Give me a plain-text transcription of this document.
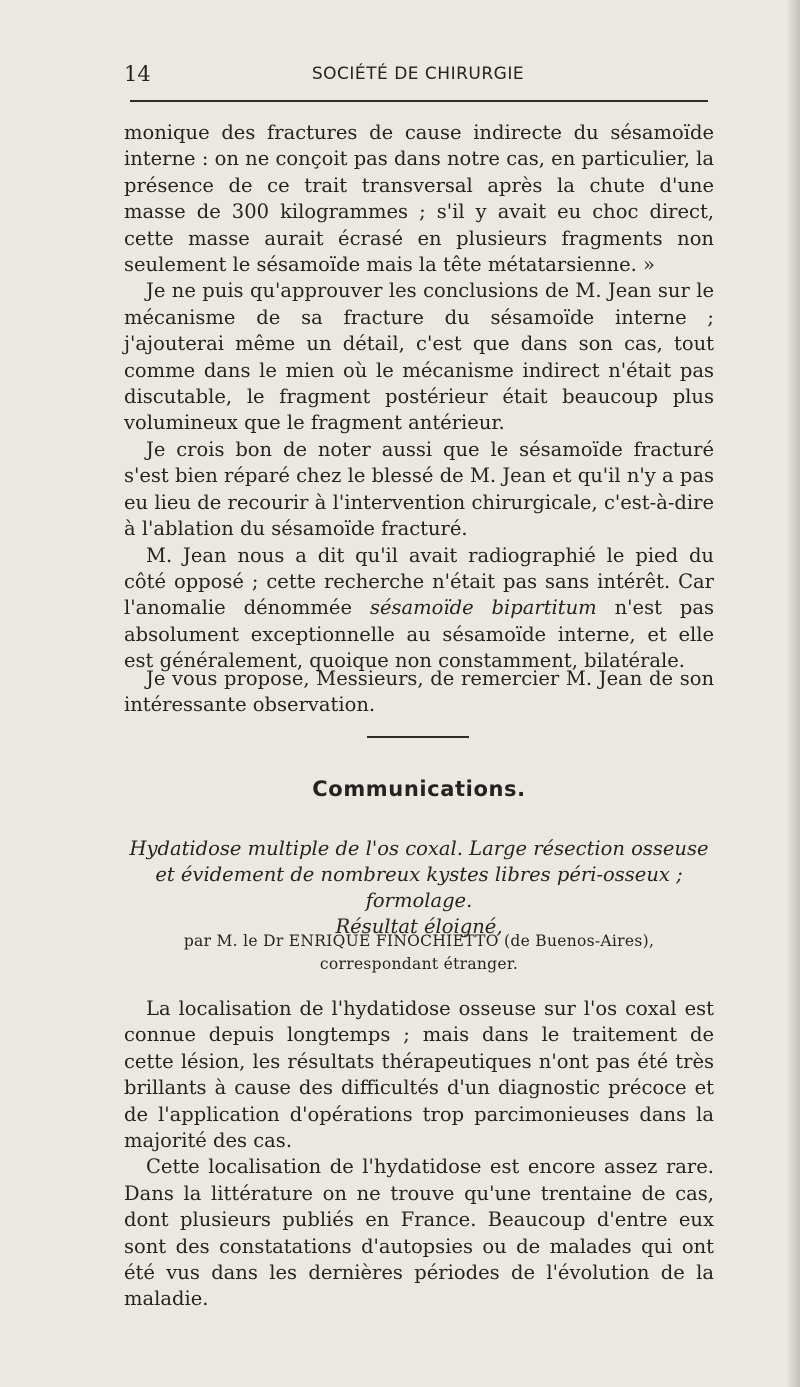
14	SOCIÉTÉ DE CHIRURGIE

monique des fractures de cause indirecte du sésamoïde interne : on ne conçoit pas dans notre cas, en particulier, la présence de ce trait transversal après la chute d'une masse de 300 kilogrammes ; s'il y avait eu choc direct, cette masse aurait écrasé en plusieurs fragments non seulement le sésamoïde mais la tête métatarsienne. »

Je ne puis qu'approuver les conclusions de M. Jean sur le mécanisme de sa fracture du sésamoïde interne ; j'ajouterai même un détail, c'est que dans son cas, tout comme dans le mien où le mécanisme indirect n'était pas discutable, le fragment postérieur était beaucoup plus volumineux que le fragment antérieur.

Je crois bon de noter aussi que le sésamoïde fracturé s'est bien réparé chez le blessé de M. Jean et qu'il n'y a pas eu lieu de recourir à l'intervention chirurgicale, c'est-à-dire à l'ablation du sésamoïde fracturé.

M. Jean nous a dit qu'il avait radiographié le pied du côté opposé ; cette recherche n'était pas sans intérêt. Car l'anomalie dénommée sésamoïde bipartitum n'est pas absolument exceptionnelle au sésamoïde interne, et elle est généralement, quoique non constamment, bilatérale.

Je vous propose, Messieurs, de remercier M. Jean de son intéressante observation.

Communications.
Hydatidose multiple de l'os coxal. Large résection osseuse
et évidement de nombreux kystes libres péri-osseux ; formolage.
Résultat éloigné,
par M. le Dr ENRIQUE FINOCHIETTO (de Buenos-Aires),
correspondant étranger.

La localisation de l'hydatidose osseuse sur l'os coxal est connue depuis longtemps ; mais dans le traitement de cette lésion, les résultats thérapeutiques n'ont pas été très brillants à cause des difficultés d'un diagnostic précoce et de l'application d'opérations trop parcimonieuses dans la majorité des cas.

Cette localisation de l'hydatidose est encore assez rare. Dans la littérature on ne trouve qu'une trentaine de cas, dont plusieurs publiés en France. Beaucoup d'entre eux sont des constatations d'autopsies ou de malades qui ont été vus dans les dernières périodes de l'évolution de la maladie.
